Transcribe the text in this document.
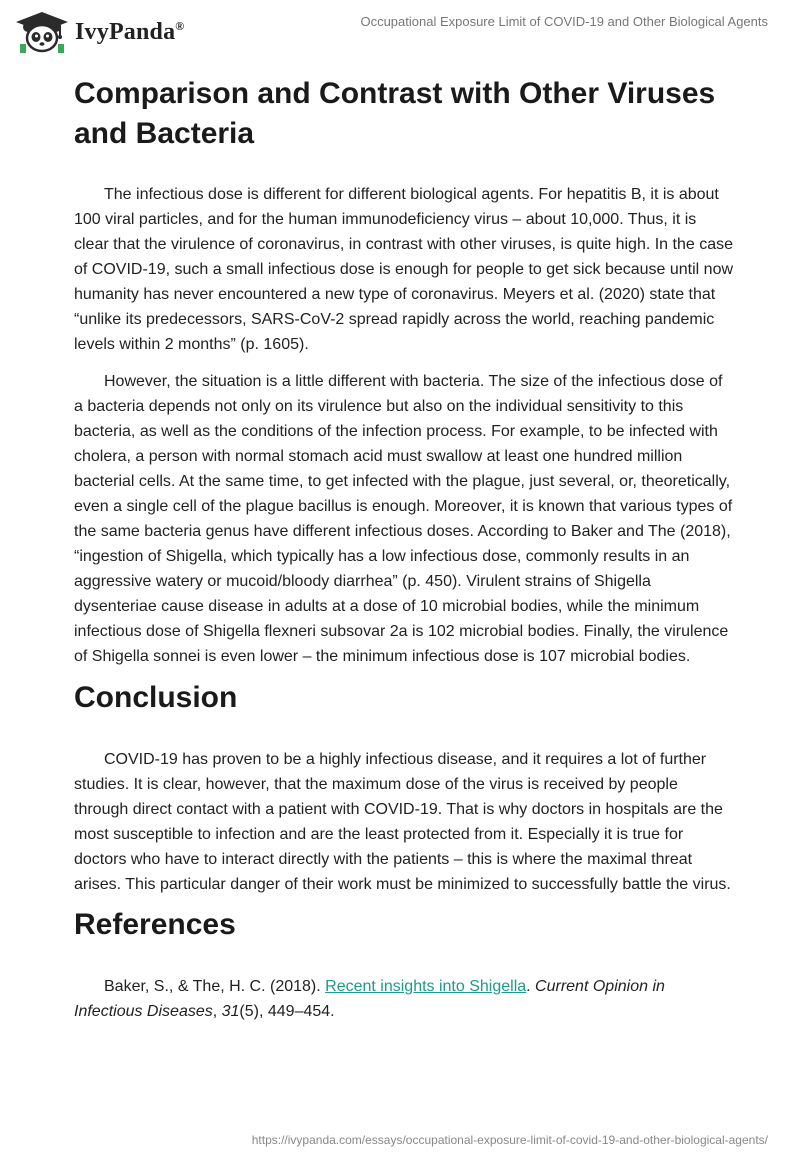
IvyPanda®	Occupational Exposure Limit of COVID-19 and Other Biological Agents
Comparison and Contrast with Other Viruses and Bacteria

The infectious dose is different for different biological agents. For hepatitis B, it is about 100 viral particles, and for the human immunodeficiency virus – about 10,000. Thus, it is clear that the virulence of coronavirus, in contrast with other viruses, is quite high. In the case of COVID-19, such a small infectious dose is enough for people to get sick because until now humanity has never encountered a new type of coronavirus. Meyers et al. (2020) state that “unlike its predecessors, SARS-CoV-2 spread rapidly across the world, reaching pandemic levels within 2 months” (p. 1605).

However, the situation is a little different with bacteria. The size of the infectious dose of a bacteria depends not only on its virulence but also on the individual sensitivity to this bacteria, as well as the conditions of the infection process. For example, to be infected with cholera, a person with normal stomach acid must swallow at least one hundred million bacterial cells. At the same time, to get infected with the plague, just several, or, theoretically, even a single cell of the plague bacillus is enough. Moreover, it is known that various types of the same bacteria genus have different infectious doses. According to Baker and The (2018), “ingestion of Shigella, which typically has a low infectious dose, commonly results in an aggressive watery or mucoid/bloody diarrhea” (p. 450). Virulent strains of Shigella dysenteriae cause disease in adults at a dose of 10 microbial bodies, while the minimum infectious dose of Shigella flexneri subsovar 2a is 102 microbial bodies. Finally, the virulence of Shigella sonnei is even lower – the minimum infectious dose is 107 microbial bodies.

Conclusion

COVID-19 has proven to be a highly infectious disease, and it requires a lot of further studies. It is clear, however, that the maximum dose of the virus is received by people through direct contact with a patient with COVID-19. That is why doctors in hospitals are the most susceptible to infection and are the least protected from it. Especially it is true for doctors who have to interact directly with the patients – this is where the maximal threat arises. This particular danger of their work must be minimized to successfully battle the virus.

References

Baker, S., & The, H. C. (2018). Recent insights into Shigella. Current Opinion in Infectious Diseases, 31(5), 449–454.

https://ivypanda.com/essays/occupational-exposure-limit-of-covid-19-and-other-biological-agents/
